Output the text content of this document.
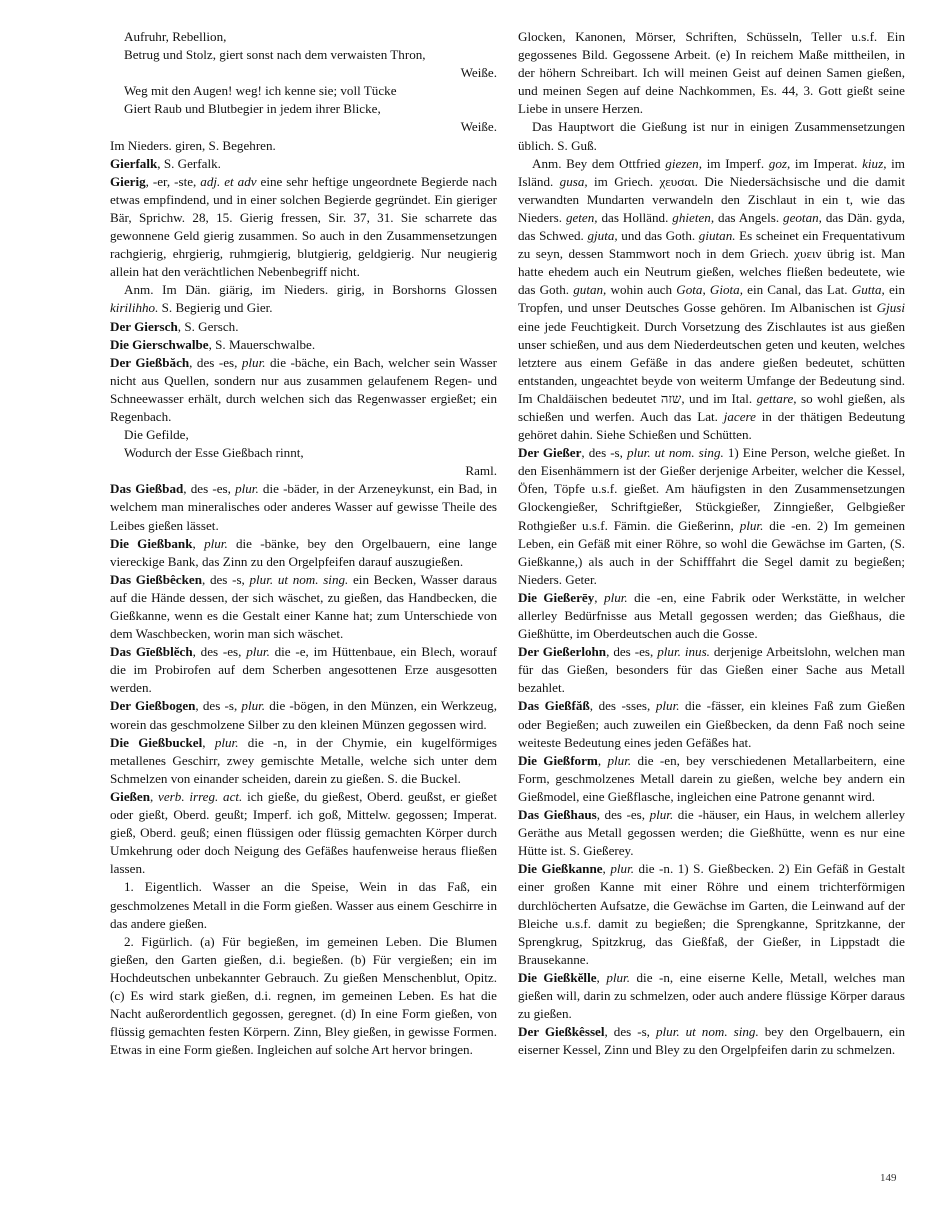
Aufruhr, Rebellion,

Betrug und Stolz, giert sonst nach dem verwaisten Thron,

Weiße.

Weg mit den Augen! weg! ich kenne sie; voll Tücke

Giert Raub und Blutbegier in jedem ihrer Blicke,

Weiße.

Im Nieders. giren, S. Begehren.

Gierfalk, S. Gerfalk.

Gierig, -er, -ste, adj. et adv eine sehr heftige ungeordnete Begierde nach etwas empfindend, und in einer solchen Begierde gegründet. Ein gieriger Bär, Sprichw. 28, 15. Gierig fressen, Sir. 37, 31. Sie scharrete das gewonnene Geld gierig zusammen. So auch in den Zusammensetzungen rachgierig, ehrgierig, ruhmgierig, blutgierig, geldgierig. Nur neugierig allein hat den verächtlichen Nebenbegriff nicht.

Anm. Im Dän. giärig, im Nieders. girig, in Borshorns Glossen kirilihho. S. Begierig und Gier.

Der Giersch, S. Gersch.

Die Gierschwalbe, S. Mauerschwalbe.

Der Gießbăch, des -es, plur. die -bäche, ein Bach, welcher sein Wasser nicht aus Quellen, sondern nur aus zusammen gelaufenem Regen- und Schneewasser erhält, durch welchen sich das Regenwasser ergießet; ein Regenbach.

Die Gefilde,

Wodurch der Esse Gießbach rinnt,

Raml.

Das Gießbad, des -es, plur. die -bäder, in der Arzeneykunst, ein Bad, in welchem man mineralisches oder anderes Wasser auf gewisse Theile des Leibes gießen lässet.

Die Gießbank, plur. die -bänke, bey den Orgelbauern, eine lange viereckige Bank, das Zinn zu den Orgelpfeifen darauf auszugießen.

Das Gießbêcken, des -s, plur. ut nom. sing. ein Becken, Wasser daraus auf die Hände dessen, der sich wäschet, zu gießen, das Handbecken, die Gießkanne, wenn es die Gestalt einer Kanne hat; zum Unterschiede von dem Waschbecken, worin man sich wäschet.

Das Gīeßblĕch, des -es, plur. die -e, im Hüttenbaue, ein Blech, worauf die im Probirofen auf dem Scherben angesottenen Erze ausgesotten werden.

Der Gießbogen, des -s, plur. die -bögen, in den Münzen, ein Werkzeug, worein das geschmolzene Silber zu den kleinen Münzen gegossen wird.

Die Gießbuckel, plur. die -n, in der Chymie, ein kugelförmiges metallenes Geschirr, zwey gemischte Metalle, welche sich unter dem Schmelzen von einander scheiden, darein zu gießen. S. die Buckel.

Gießen, verb. irreg. act. ich gieße, du gießest, Oberd. geußst, er gießet oder gießt, Oberd. geußt; Imperf. ich goß, Mittelw. gegossen; Imperat. gieß, Oberd. geuß; einen flüssigen oder flüssig gemachten Körper durch Umkehrung oder doch Neigung des Gefäßes haufenweise heraus fließen lassen.

1. Eigentlich. Wasser an die Speise, Wein in das Faß, ein geschmolzenes Metall in die Form gießen. Wasser aus einem Geschirre in das andere gießen.

2. Figürlich. (a) Für begießen, im gemeinen Leben. Die Blumen gießen, den Garten gießen, d.i. begießen. (b) Für vergießen; ein im Hochdeutschen unbekannter Gebrauch. Zu gießen Menschenblut, Opitz. (c) Es wird stark gießen, d.i. regnen, im gemeinen Leben. Es hat die Nacht außerordentlich gegossen, geregnet. (d) In eine Form gießen, von flüssig gemachten festen Körpern. Zinn, Bley gießen, in gewisse Formen. Etwas in eine Form gießen. Ingleichen auf solche Art hervor bringen.

Glocken, Kanonen, Mörser, Schriften, Schüsseln, Teller u.s.f. Ein gegossenes Bild. Gegossene Arbeit. (e) In reichem Maße mittheilen, in der höhern Schreibart. Ich will meinen Geist auf deinen Samen gießen, und meinen Segen auf deine Nachkommen, Es. 44, 3. Gott gießt seine Liebe in unsere Herzen.

Das Hauptwort die Gießung ist nur in einigen Zusammensetzungen üblich. S. Guß.

Anm. Bey dem Ottfried giezen, im Imperf. goz, im Imperat. kiuz, im Isländ. gusa, im Griech. χευσαι. Die Niedersächsische und die damit verwandten Mundarten verwandeln den Zischlaut in ein t, wie das Nieders. geten, das Holländ. ghieten, das Angels. geotan, das Dän. gyda, das Schwed. gjuta, und das Goth. giutan. Es scheinet ein Frequentativum zu seyn, dessen Stammwort noch in dem Griech. χυειν übrig ist. Man hatte ehedem auch ein Neutrum gießen, welches fließen bedeutete, wie das Goth. gutan, wohin auch Gota, Giota, ein Canal, das Lat. Gutta, ein Tropfen, und unser Deutsches Gosse gehören. Im Albanischen ist Gjusi eine jede Feuchtigkeit. Durch Vorsetzung des Zischlautes ist aus gießen unser schießen, und aus dem Niederdeutschen geten und keuten, welches letztere aus einem Gefäße in das andere gießen bedeutet, schütten entstanden, ungeachtet beyde von weiterm Umfange der Bedeutung sind. Im Chaldäischen bedeutet שזה, und im Ital. gettare, so wohl gießen, als schießen und werfen. Auch das Lat. jacere in der thätigen Bedeutung gehöret dahin. Siehe Schießen und Schütten.

Der Gießer, des -s, plur. ut nom. sing. 1) Eine Person, welche gießet. In den Eisenhämmern ist der Gießer derjenige Arbeiter, welcher die Kessel, Öfen, Töpfe u.s.f. gießet. Am häufigsten in den Zusammensetzungen Glockengießer, Schriftgießer, Stückgießer, Zinngießer, Gelbgießer Rothgießer u.s.f. Fämin. die Gießerinn, plur. die -en. 2) Im gemeinen Leben, ein Gefäß mit einer Röhre, so wohl die Gewächse im Garten, (S. Gießkanne,) als auch in der Schifffahrt die Segel damit zu begießen; Nieders. Geter.

Die Gießerēy, plur. die -en, eine Fabrik oder Werkstätte, in welcher allerley Bedürfnisse aus Metall gegossen werden; das Gießhaus, die Gießhütte, im Oberdeutschen auch die Gosse.

Der Gießerlohn, des -es, plur. inus. derjenige Arbeitslohn, welchen man für das Gießen, besonders für das Gießen einer Sache aus Metall bezahlet.

Das Gießfăß, des -sses, plur. die -fässer, ein kleines Faß zum Gießen oder Begießen; auch zuweilen ein Gießbecken, da denn Faß noch seine weiteste Bedeutung eines jeden Gefäßes hat.

Die Gießform, plur. die -en, bey verschiedenen Metallarbeitern, eine Form, geschmolzenes Metall darein zu gießen, welche bey andern ein Gießmodel, eine Gießflasche, ingleichen eine Patrone genannt wird.

Das Gießhaus, des -es, plur. die -häuser, ein Haus, in welchem allerley Geräthe aus Metall gegossen werden; die Gießhütte, wenn es nur eine Hütte ist. S. Gießerey.

Die Gießkanne, plur. die -n. 1) S. Gießbecken. 2) Ein Gefäß in Gestalt einer großen Kanne mit einer Röhre und einem trichterförmigen durchlöcherten Aufsatze, die Gewächse im Garten, die Leinwand auf der Bleiche u.s.f. damit zu begießen; die Sprengkanne, Spritzkanne, der Sprengkrug, Spitzkrug, das Gießfaß, der Gießer, in Lippstadt die Brausekanne.

Die Gießkĕlle, plur. die -n, eine eiserne Kelle, Metall, welches man gießen will, darin zu schmelzen, oder auch andere flüssige Körper daraus zu gießen.

Der Gießkêssel, des -s, plur. ut nom. sing. bey den Orgelbauern, ein eiserner Kessel, Zinn und Bley zu den Orgelpfeifen darin zu schmelzen.

149
